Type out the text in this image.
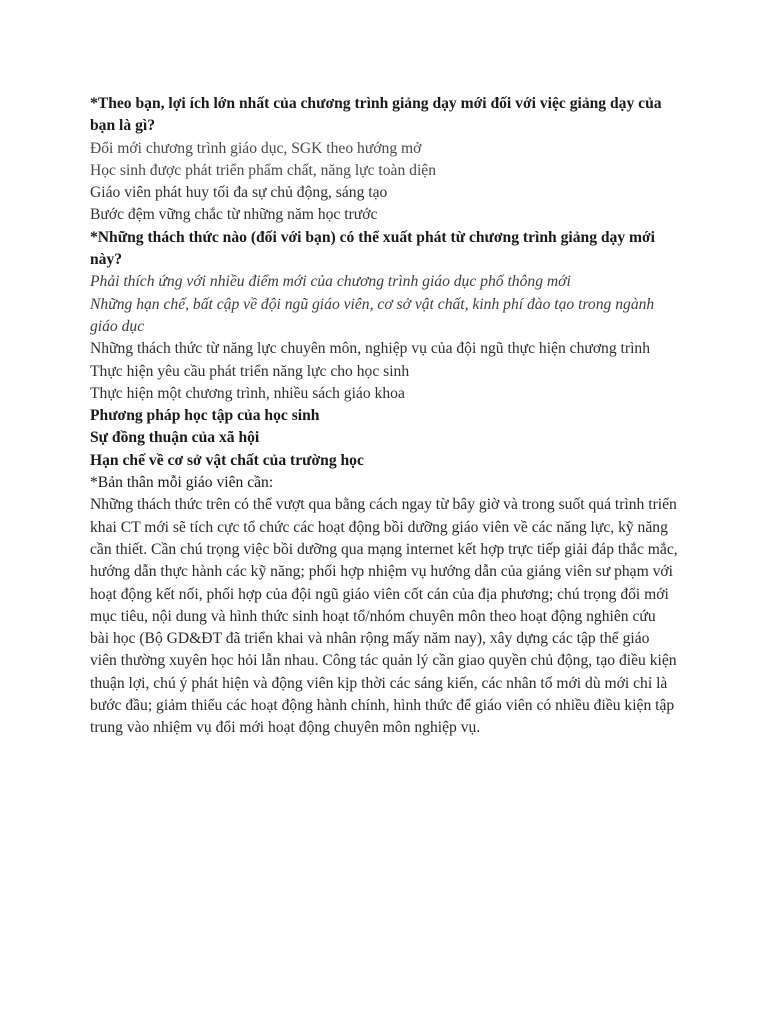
*Theo bạn, lợi ích lớn nhất của chương trình giảng dạy mới đối với việc giảng dạy của bạn là gì?

Đổi mới chương trình giáo dục, SGK theo hướng mở

Học sinh được phát triển phẩm chất, năng lực toàn diện

Giáo viên phát huy tối đa sự chủ động, sáng tạo

Bước đệm vững chắc từ những năm học trước

*Những thách thức nào (đối với bạn) có thể xuất phát từ chương trình giảng dạy mới này?

Phải thích ứng với nhiều điểm mới của chương trình giáo dục phổ thông mới

Những hạn chế, bất cập về đội ngũ giáo viên, cơ sở vật chất, kinh phí đào tạo trong ngành giáo dục

Những thách thức từ năng lực chuyên môn, nghiệp vụ của đội ngũ thực hiện chương trình

Thực hiện yêu cầu phát triển năng lực cho học sinh

Thực hiện một chương trình, nhiều sách giáo khoa

Phương pháp học tập của học sinh

Sự đồng thuận của xã hội

Hạn chế về cơ sở vật chất của trường học

*Bản thân mỗi giáo viên cần:

Những thách thức trên có thể vượt qua bằng cách ngay từ bây giờ và trong suốt quá trình triển khai CT mới sẽ tích cực tổ chức các hoạt động bồi dưỡng giáo viên về các năng lực, kỹ năng cần thiết. Cần chú trọng việc bồi dưỡng qua mạng internet kết hợp trực tiếp giải đáp thắc mắc, hướng dẫn thực hành các kỹ năng; phối hợp nhiệm vụ hướng dẫn của giảng viên sư phạm với hoạt động kết nối, phối hợp của đội ngũ giáo viên cốt cán của địa phương; chú trọng đổi mới mục tiêu, nội dung và hình thức sinh hoạt tổ/nhóm chuyên môn theo hoạt động nghiên cứu bài học (Bộ GD&ĐT đã triển khai và nhân rộng mấy năm nay), xây dựng các tập thể giáo viên thường xuyên học hỏi lẫn nhau. Công tác quản lý cần giao quyền chủ động, tạo điều kiện thuận lợi, chú ý phát hiện và động viên kịp thời các sáng kiến, các nhân tố mới dù mới chỉ là bước đầu; giảm thiểu các hoạt động hành chính, hình thức để giáo viên có nhiều điều kiện tập trung vào nhiệm vụ đổi mới hoạt động chuyên môn nghiệp vụ.
